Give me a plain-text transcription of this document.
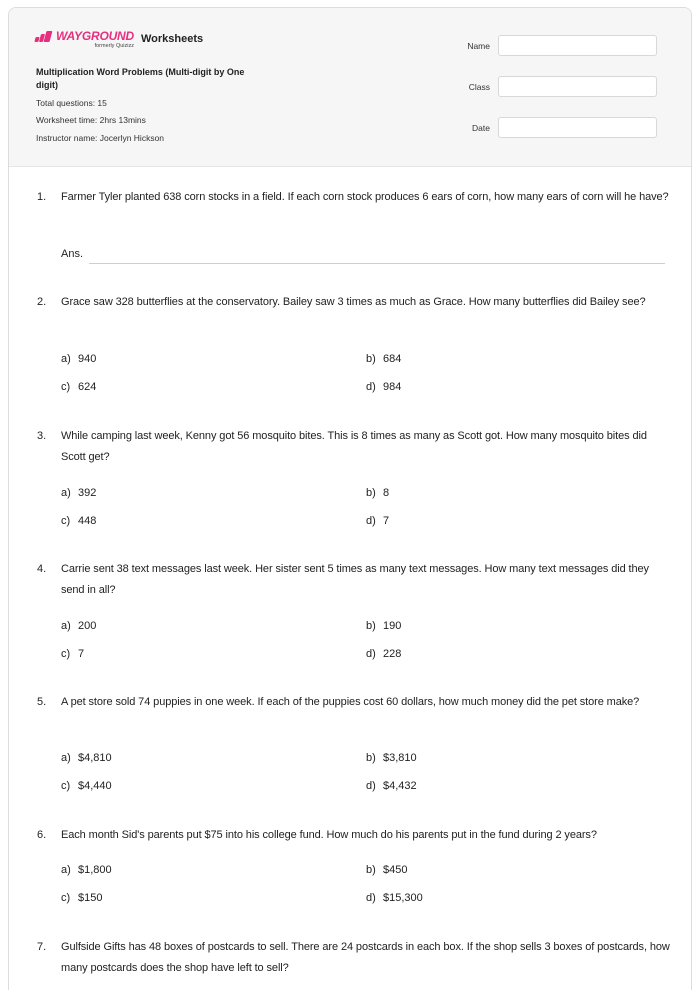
WAYGROUND
formerly Quizizz
Worksheets
Multiplication Word Problems (Multi-digit by One digit)
Total questions: 15
Worksheet time: 2hrs 13mins
Instructor name: Jocerlyn Hickson
Name
Class
Date
1. Farmer Tyler planted 638 corn stocks in a field. If each corn stock produces 6 ears of corn, how many ears of corn will he have?
Ans.
2. Grace saw 328 butterflies at the conservatory. Bailey saw 3 times as much as Grace. How many butterflies did Bailey see?
a) 940	b) 684
c) 624	d) 984
3. While camping last week, Kenny got 56 mosquito bites. This is 8 times as many as Scott got. How many mosquito bites did Scott get?
a) 392	b) 8
c) 448	d) 7
4. Carrie sent 38 text messages last week. Her sister sent 5 times as many text messages. How many text messages did they send in all?
a) 200	b) 190
c) 7	d) 228
5. A pet store sold 74 puppies in one week. If each of the puppies cost 60 dollars, how much money did the pet store make?
a) $4,810	b) $3,810
c) $4,440	d) $4,432
6. Each month Sid's parents put $75 into his college fund. How much do his parents put in the fund during 2 years?
a) $1,800	b) $450
c) $150	d) $15,300
7. Gulfside Gifts has 48 boxes of postcards to sell. There are 24 postcards in each box. If the shop sells 3 boxes of postcards, how many postcards does the shop have left to sell?
